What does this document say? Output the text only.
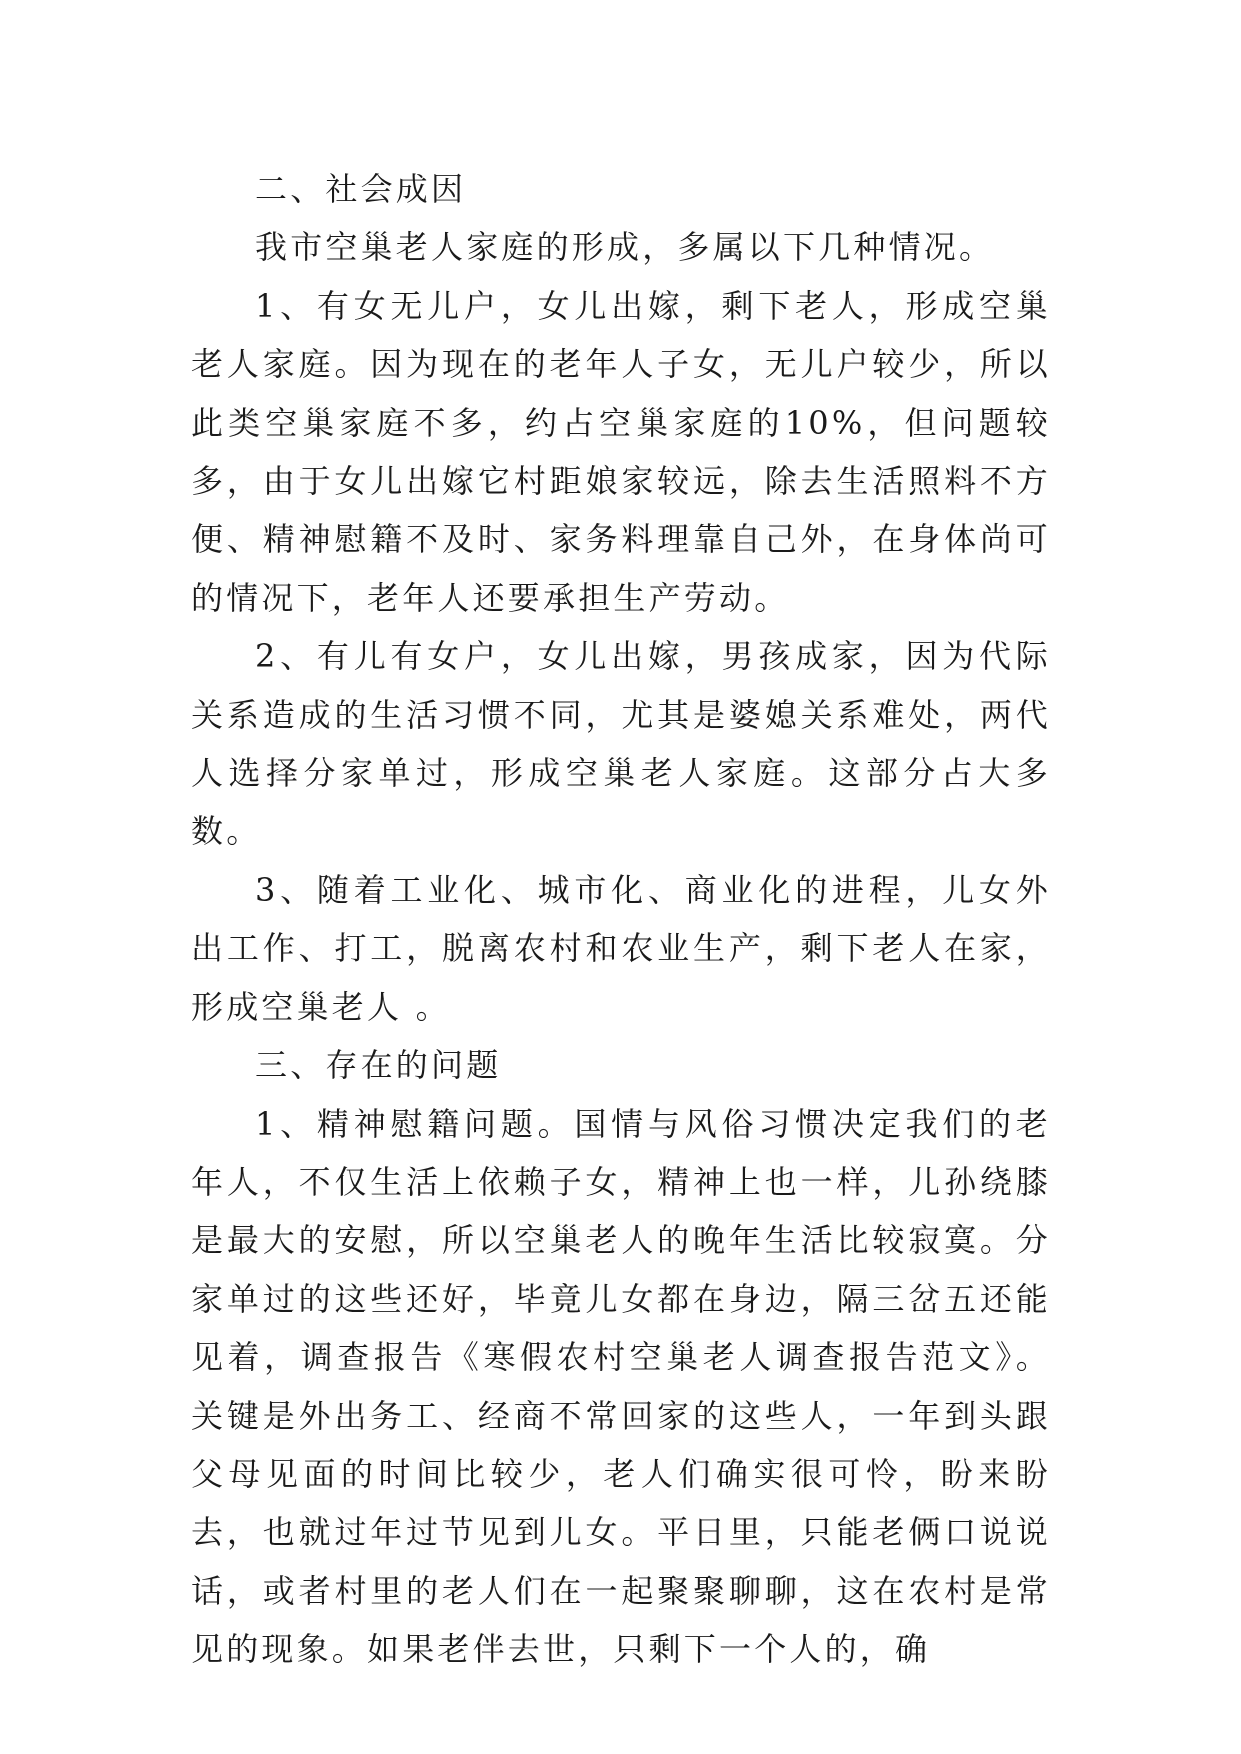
二、社会成因

我市空巢老人家庭的形成，多属以下几种情况。

1、有女无儿户，女儿出嫁，剩下老人，形成空巢老人家庭。因为现在的老年人子女，无儿户较少，所以此类空巢家庭不多，约占空巢家庭的10%，但问题较多，由于女儿出嫁它村距娘家较远，除去生活照料不方便、精神慰籍不及时、家务料理靠自己外，在身体尚可的情况下，老年人还要承担生产劳动。

2、有儿有女户，女儿出嫁，男孩成家，因为代际关系造成的生活习惯不同，尤其是婆媳关系难处，两代人选择分家单过，形成空巢老人家庭。这部分占大多数。

3、随着工业化、城市化、商业化的进程，儿女外出工作、打工，脱离农村和农业生产，剩下老人在家，形成空巢老人 。

三、存在的问题

1、精神慰籍问题。国情与风俗习惯决定我们的老年人，不仅生活上依赖子女，精神上也一样，儿孙绕膝是最大的安慰，所以空巢老人的晚年生活比较寂寞。分家单过的这些还好，毕竟儿女都在身边，隔三岔五还能见着，调查报告《寒假农村空巢老人调查报告范文》。关键是外出务工、经商不常回家的这些人，一年到头跟父母见面的时间比较少，老人们确实很可怜，盼来盼去，也就过年过节见到儿女。平日里，只能老俩口说说话，或者村里的老人们在一起聚聚聊聊，这在农村是常见的现象。如果老伴去世，只剩下一个人的，确
